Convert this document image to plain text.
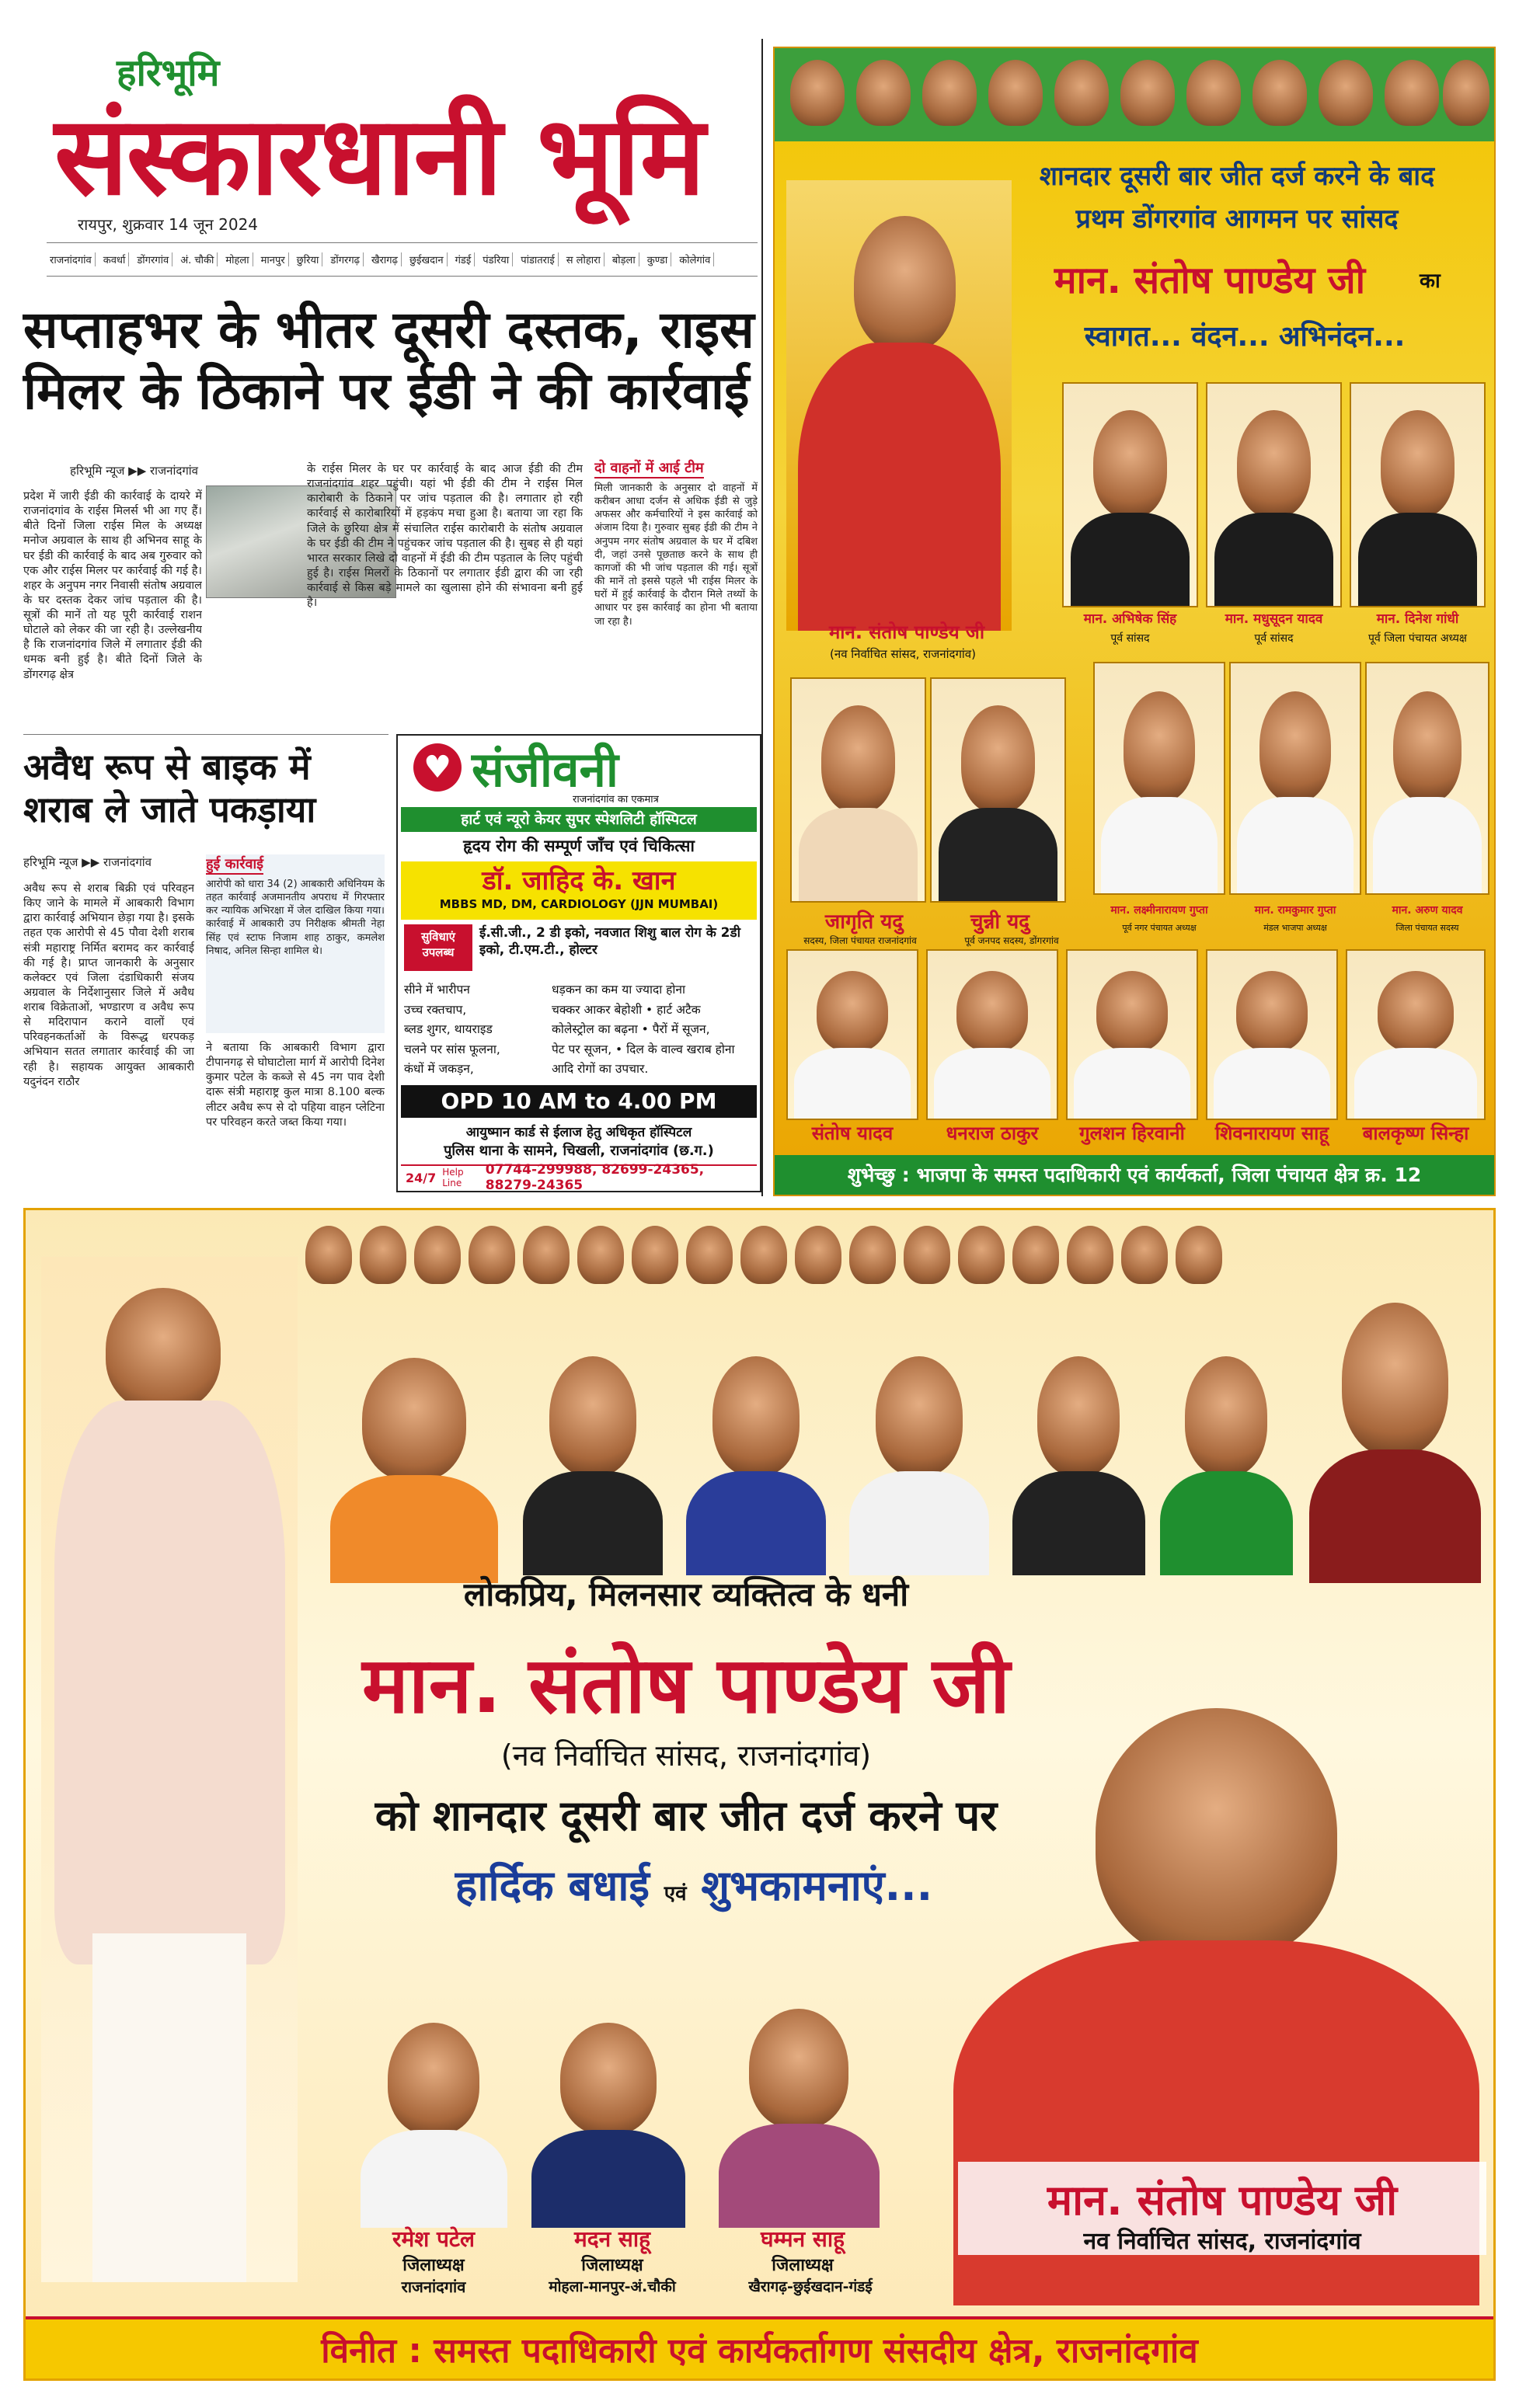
हरिभूमि
संस्कारधानी भूमि
रायपुर, शुक्रवार 14 जून 2024
राजनांदगांव	कवर्धा	डोंगरगांव	अं. चौकी	मोहला	मानपुर	छुरिया	डोंगरगढ़	खैरागढ़	छुईखदान	गंडई	पंडरिया	पांडातराई	स लोहारा	बोड़ला	कुण्डा	कोलेगांव
सप्ताहभर के भीतर दूसरी दस्तक, राइस मिलर के ठिकाने पर ईडी ने की कार्रवाई
हरिभूमि न्यूज ▶▶ राजनांदगांव
प्रदेश में जारी ईडी की कार्रवाई के दायरे में राजनांदगांव के राईस मिलर्स भी आ गए हैं। बीते दिनों जिला राईस मिल के अध्यक्ष मनोज अग्रवाल के साथ ही अभिनव साहू के घर ईडी की कार्रवाई के बाद अब गुरुवार को एक और राईस मिलर पर कार्रवाई की गई है। शहर के अनुपम नगर निवासी संतोष अग्रवाल के घर दस्तक देकर जांच पड़ताल की है। सूत्रों की मानें तो यह पूरी कार्रवाई राशन घोटाले को लेकर की जा रही है। उल्लेखनीय है कि राजनांदगांव जिले में लगातार ईडी की धमक बनी हुई है। बीते दिनों जिले के डोंगरगढ़ क्षेत्र
के राईस मिलर के घर पर कार्रवाई के बाद आज ईडी की टीम राजनांदगांव शहर पहुंची। यहां भी ईडी की टीम ने राईस मिल कारोबारी के ठिकाने पर जांच पड़ताल की है। लगातार हो रही कार्रवाई से कारोबारियों में हड़कंप मचा हुआ है। बताया जा रहा कि जिले के छुरिया क्षेत्र में संचालित राईस कारोबारी के संतोष अग्रवाल के घर ईडी की टीम ने पहुंचकर जांच पड़ताल की है। सुबह से ही यहां भारत सरकार लिखे दो वाहनों में ईडी की टीम पड़ताल के लिए पहुंची हुई है। राईस मिलरों के ठिकानों पर लगातार ईडी द्वारा की जा रही कार्रवाई से किस बड़े मामले का खुलासा होने की संभावना बनी हुई है।
दो वाहनों में आई टीम
मिली जानकारी के अनुसार दो वाहनों में करीबन आधा दर्जन से अधिक ईडी से जुड़े अफसर और कर्मचारियों ने इस कार्रवाई को अंजाम दिया है। गुरुवार सुबह ईडी की टीम ने अनुपम नगर संतोष अग्रवाल के घर में दबिश दी, जहां उनसे पूछताछ करने के साथ ही कागजों की भी जांच पड़ताल की गई। सूत्रों की मानें तो इससे पहले भी राईस मिलर के घरों में हुई कार्रवाई के दौरान मिले तथ्यों के आधार पर इस कार्रवाई का होना भी बताया जा रहा है।
अवैध रूप से बाइक में शराब ले जाते पकड़ाया
हरिभूमि न्यूज ▶▶ राजनांदगांव
अवैध रूप से शराब बिक्री एवं परिवहन किए जाने के मामले में आबकारी विभाग द्वारा कार्रवाई अभियान छेड़ा गया है। इसके तहत एक आरोपी से 45 पौवा देशी शराब संत्री महाराष्ट्र निर्मित बरामद कर कार्रवाई की गई है। प्राप्त जानकारी के अनुसार कलेक्टर एवं जिला दंडाधिकारी संजय अग्रवाल के निर्देशानुसार जिले में अवैध शराब विक्रेताओं, भण्डारण व अवैध रूप से मदिरापान कराने वालों एवं परिवहनकर्ताओं के विरूद्ध धरपकड़ अभियान सतत लगातार कार्रवाई की जा रही है। सहायक आयुक्त आबकारी यदुनंदन राठौर
हुई कार्रवाई
आरोपी को धारा 34 (2) आबकारी अधिनियम के तहत कार्रवाई अजमानतीय अपराध में गिरफ्तार कर न्यायिक अभिरक्षा में जेल दाखिल किया गया। कार्रवाई में आबकारी उप निरीक्षक श्रीमती नेहा सिंह एवं स्टाफ निजाम शाह ठाकुर, कमलेश निषाद, अनिल सिन्हा शामिल थे।
ने बताया कि आबकारी विभाग द्वारा टीपानगढ़ से घोघाटोला मार्ग में आरोपी दिनेश कुमार पटेल के कब्जे से 45 नग पाव देशी दारू संत्री महाराष्ट्र कुल मात्रा 8.100 बल्क लीटर अवैध रूप से दो पहिया वाहन प्लेटिना पर परिवहन करते जब्त किया गया।
♥ संजीवनी
राजनांदगांव का एकमात्र
हार्ट एवं न्यूरो केयर सुपर स्पेशलिटी हॉस्पिटल
हृदय रोग की सम्पूर्ण जाँच एवं चिकित्सा
डॉ. जाहिद के. खान
MBBS MD, DM, CARDIOLOGY (JJN MUMBAI)
सुविधाएं उपलब्ध
ई.सी.जी., 2 डी इको, नवजात शिशु बाल रोग के 2डी इको, टी.एम.टी., होल्टर
सीने में भारीपन
उच्च रक्तचाप,
ब्लड शुगर, थायराइड
चलने पर सांस फूलना,
कंधों में जकड़न,
धड़कन का कम या ज्यादा होना
चक्कर आकर बेहोशी • हार्ट अटैक
कोलेस्ट्रोल का बढ़ना • पैरों में सूजन,
पेट पर सूजन, • दिल के वाल्व खराब होना आदि रोगों का उपचार.
OPD 10 AM to 4.00 PM
आयुष्मान कार्ड से ईलाज हेतु अधिकृत हॉस्पिटल
पुलिस थाना के सामने, चिखली, राजनांदगांव (छ.ग.)
24/7 Help Line
07744-299988, 82699-24365, 88279-24365
शानदार दूसरी बार जीत दर्ज करने के बाद
प्रथम डोंगरगांव आगमन पर सांसद
मान. संतोष पाण्डेय जी	का
स्वागत... वंदन... अभिनंदन...
मान. संतोष पाण्डेय जी
(नव निर्वाचित सांसद, राजनांदगांव)
मान. अभिषेक सिंह
पूर्व सांसद
मान. मधुसूदन यादव
पूर्व सांसद
मान. दिनेश गांधी
पूर्व जिला पंचायत अध्यक्ष
जागृति यदु
सदस्य, जिला पंचायत राजनांदगांव
चुन्नी यदु
पूर्व जनपद सदस्य, डोंगरगांव
मान. लक्ष्मीनारायण गुप्ता
पूर्व नगर पंचायत अध्यक्ष
मान. रामकुमार गुप्ता
मंडल भाजपा अध्यक्ष
मान. अरुण यादव
जिला पंचायत सदस्य
संतोष यादव	धनराज ठाकुर	गुलशन हिरवानी	शिवनारायण साहू	बालकृष्ण सिन्हा
शुभेच्छु : भाजपा के समस्त पदाधिकारी एवं कार्यकर्ता, जिला पंचायत क्षेत्र क्र. 12
लोकप्रिय, मिलनसार व्यक्तित्व के धनी
मान. संतोष पाण्डेय जी
(नव निर्वाचित सांसद, राजनांदगांव)
को शानदार दूसरी बार जीत दर्ज करने पर
हार्दिक बधाई एवं शुभकामनाएं...
मान. संतोष पाण्डेय जी
नव निर्वाचित सांसद, राजनांदगांव
रमेश पटेल
जिलाध्यक्ष
राजनांदगांव
मदन साहू
जिलाध्यक्ष
मोहला-मानपुर-अं.चौकी
घम्मन साहू
जिलाध्यक्ष
खैरागढ़-छुईखदान-गंडई
विनीत : समस्त पदाधिकारी एवं कार्यकर्तागण संसदीय क्षेत्र, राजनांदगांव
